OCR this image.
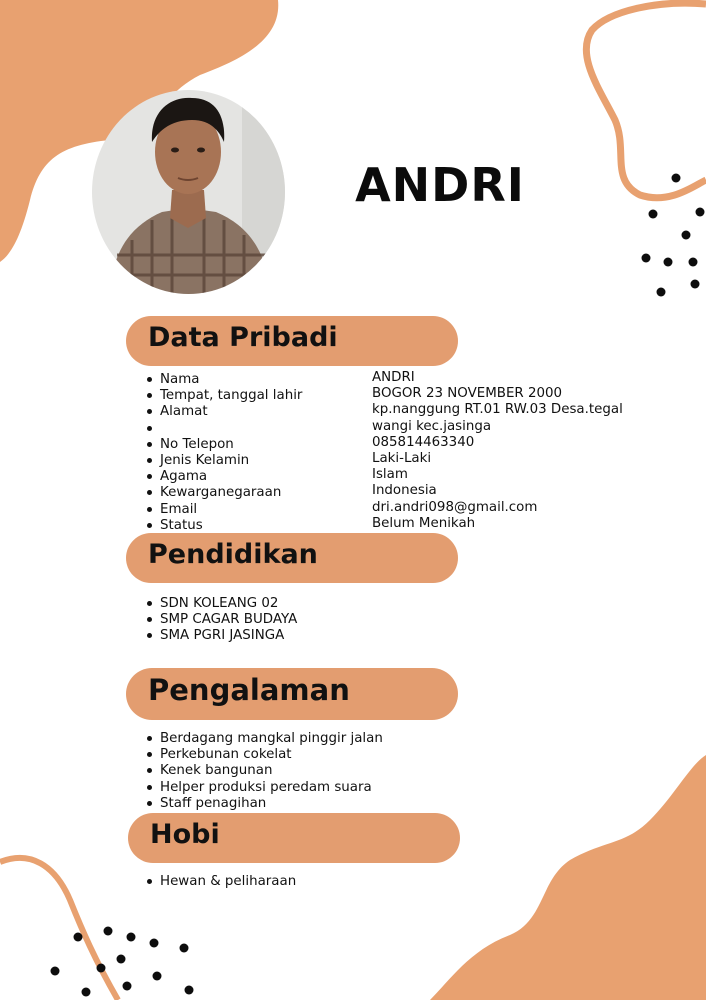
ANDRI
Data Pribadi
Nama
Tempat, tanggal lahir
Alamat

No Telepon
Jenis Kelamin
Agama
Kewarganegaraan
Email
Status
ANDRI
BOGOR 23 NOVEMBER 2000
kp.nanggung RT.01 RW.03 Desa.tegal
wangi kec.jasinga
085814463340
Laki-Laki
Islam
Indonesia
dri.andri098@gmail.com
Belum Menikah
Pendidikan
SDN KOLEANG 02
SMP CAGAR BUDAYA
SMA PGRI JASINGA
Pengalaman
Berdagang mangkal pinggir jalan
Perkebunan cokelat
Kenek bangunan
Helper produksi peredam suara
Staff penagihan
Hobi
Hewan & peliharaan
